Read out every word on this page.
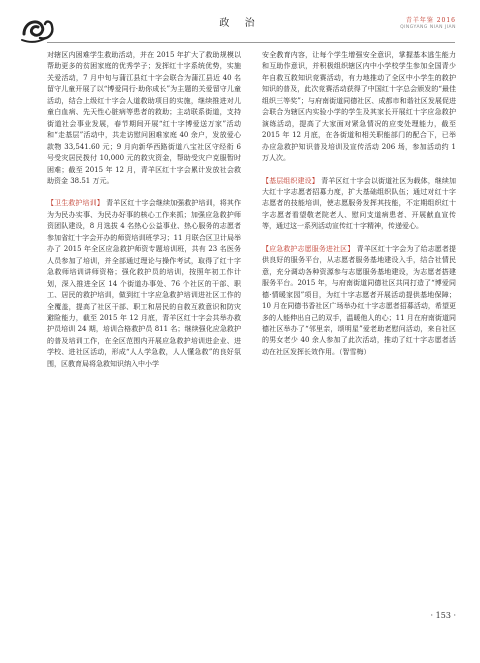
政 治	青羊年鉴 2016
QINGYANG NIAN JIAN

对辖区内困难学生救助活动，并在 2015 年扩大了救助规模以帮助更多的贫困家庭的优秀学子；发挥红十字系统优势，实施关爱活动，7 月中旬与蒲江县红十字会联合为蒲江县近 40 名留守儿童开展了以“博爱同行·助你成长”为主题的关爱留守儿童活动，结合上级红十字会人道救助项目的实施，继续推进对儿童白血病、先天性心脏病等患者的救助；主动联系街道，支持街道社会事业发展，春节期间开展“红十字博爱送万家”活动和“走基层”活动中，共走访慰问困难家庭 40 余户，发放爱心款物 33,541.60 元；9 月向新华西路街道八宝社区守经衔 6 号受灾居民拨付 10,000 元的救灾资金，帮助受灾户克服暂时困难；截至 2015 年 12 月，青羊区红十字会累计发放社会救助资金 38.51 万元。

【卫生救护培训】 青羊区红十字会继续加强救护培训，将其作为为民办实事、为民办好事的核心工作来抓；加强应急救护师资团队建设，8 月选拔 4 名热心公益事业、热心服务的志愿者参加省红十字会开办的师资培训班学习；11 月联合区卫计局举办了 2015 年全区应急救护师资专题培训班，共有 23 名医务人员参加了培训，并全部通过理论与操作考试，取得了红十字急救师培训讲师资格；强化救护员的培训，按照年初工作计划，深入推进全区 14 个街道办事处、76 个社区的干部、职工、居民的救护培训，做到红十字应急救护培训进社区工作的全覆盖，提高了社区干部、职工和居民的自救互救意识和防灾避险能力，截至 2015 年 12 月底，青羊区红十字会共举办救护员培训 24 期，培训合格救护员 811 名；继续强化应急救护的普及培训工作，在全区范围内开展应急救护培训进企业、进学校、进社区活动，形成“人人学急救，人人懂急救”的良好氛围，区教育局将急救知识纳入中小学

安全教育内容，让每个学生增强安全意识，掌握基本逃生能力和互助作意识，并积极组织辖区内中小学校学生参加全国青少年自救互救知识竞赛活动，有力地推动了全区中小学生的救护知识的普及，此次竞赛活动获得了中国红十字总会颁发的“最佳组织三等奖”；与府南街道同德社区、成都市和谐社区发展促进会联合为辖区内实验小学的学生及其家长开展红十字应急救护演练活动，提高了大家面对紧急情况的应变处理能力，截至 2015 年 12 月底，在各街道和相关职能部门的配合下，已举办应急救护知识普及培训及宣传活动 206 场，参加活动约 1 万人次。

【基层组织建设】 青羊区红十字会以街道社区为载体，继续加大红十字志愿者招募力度，扩大基础组织队伍；通过对红十字志愿者的技能培训，使志愿服务发挥其技能，不定期组织红十字志愿者看望敬老院老人、慰问支道病患者、开展献血宣传等，通过这一系列活动宣传红十字精神，传递爱心。

【应急救护志愿服务进社区】 青羊区红十字会为了给志愿者提供良好的服务平台，从志愿者服务基地建设入手，结合社情民意，充分调动各种资源参与志愿服务基地建设，为志愿者搭建服务平台。2015 年，与府南街道同德社区共同打造了“博爱同德·情暖家园”项目，为红十字志愿者开展活动提供基地保障；10 月在同德书香社区广场举办红十字志愿者招募活动，希望更多的人能伸出自己的双手，温暖他人的心；11 月在府南街道同德社区举办了“邻里亲，颂明星”爱老助老慰问活动，来自社区的男女老少 40 余人参加了此次活动，推动了红十字志愿者活动在社区发挥长效作用。（智雪梅）

· 153 ·
